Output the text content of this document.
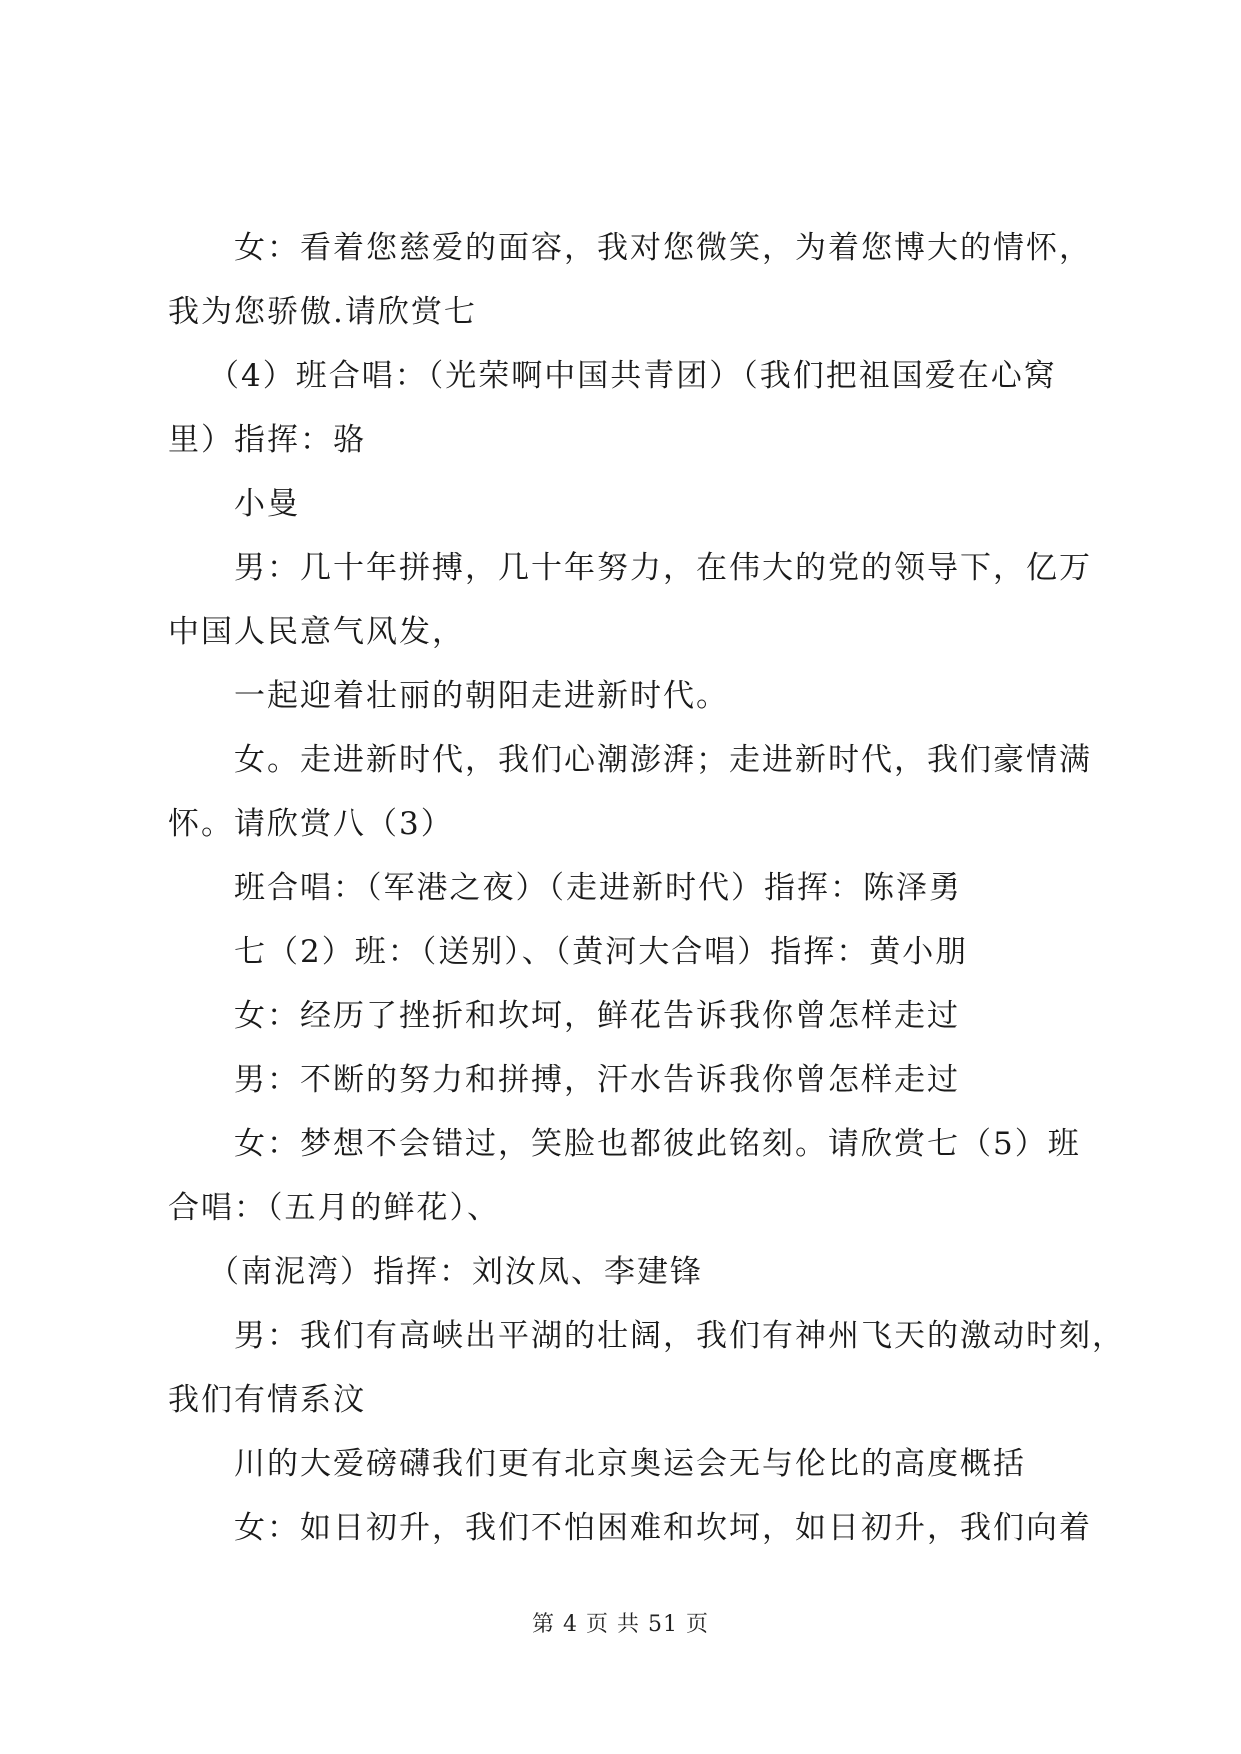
女：看着您慈爱的面容，我对您微笑，为着您博大的情怀，
我为您骄傲.请欣赏七
（4）班合唱：（光荣啊中国共青团）（我们把祖国爱在心窝
里）指挥：骆
小曼
男：几十年拼搏，几十年努力，在伟大的党的领导下，亿万
中国人民意气风发，
一起迎着壮丽的朝阳走进新时代。
女。走进新时代，我们心潮澎湃；走进新时代，我们豪情满
怀。请欣赏八（3）
班合唱：（军港之夜）（走进新时代）指挥：陈泽勇
七（2）班：（送别）、（黄河大合唱）指挥：黄小朋
女：经历了挫折和坎坷，鲜花告诉我你曾怎样走过
男：不断的努力和拼搏，汗水告诉我你曾怎样走过
女：梦想不会错过，笑脸也都彼此铭刻。请欣赏七（5）班
合唱：（五月的鲜花）、
（南泥湾）指挥：刘汝凤、李建锋
男：我们有高峡出平湖的壮阔，我们有神州飞天的激动时刻，
我们有情系汶
川的大爱磅礴我们更有北京奥运会无与伦比的高度概括
女：如日初升，我们不怕困难和坎坷，如日初升，我们向着
第 4 页 共 51 页
